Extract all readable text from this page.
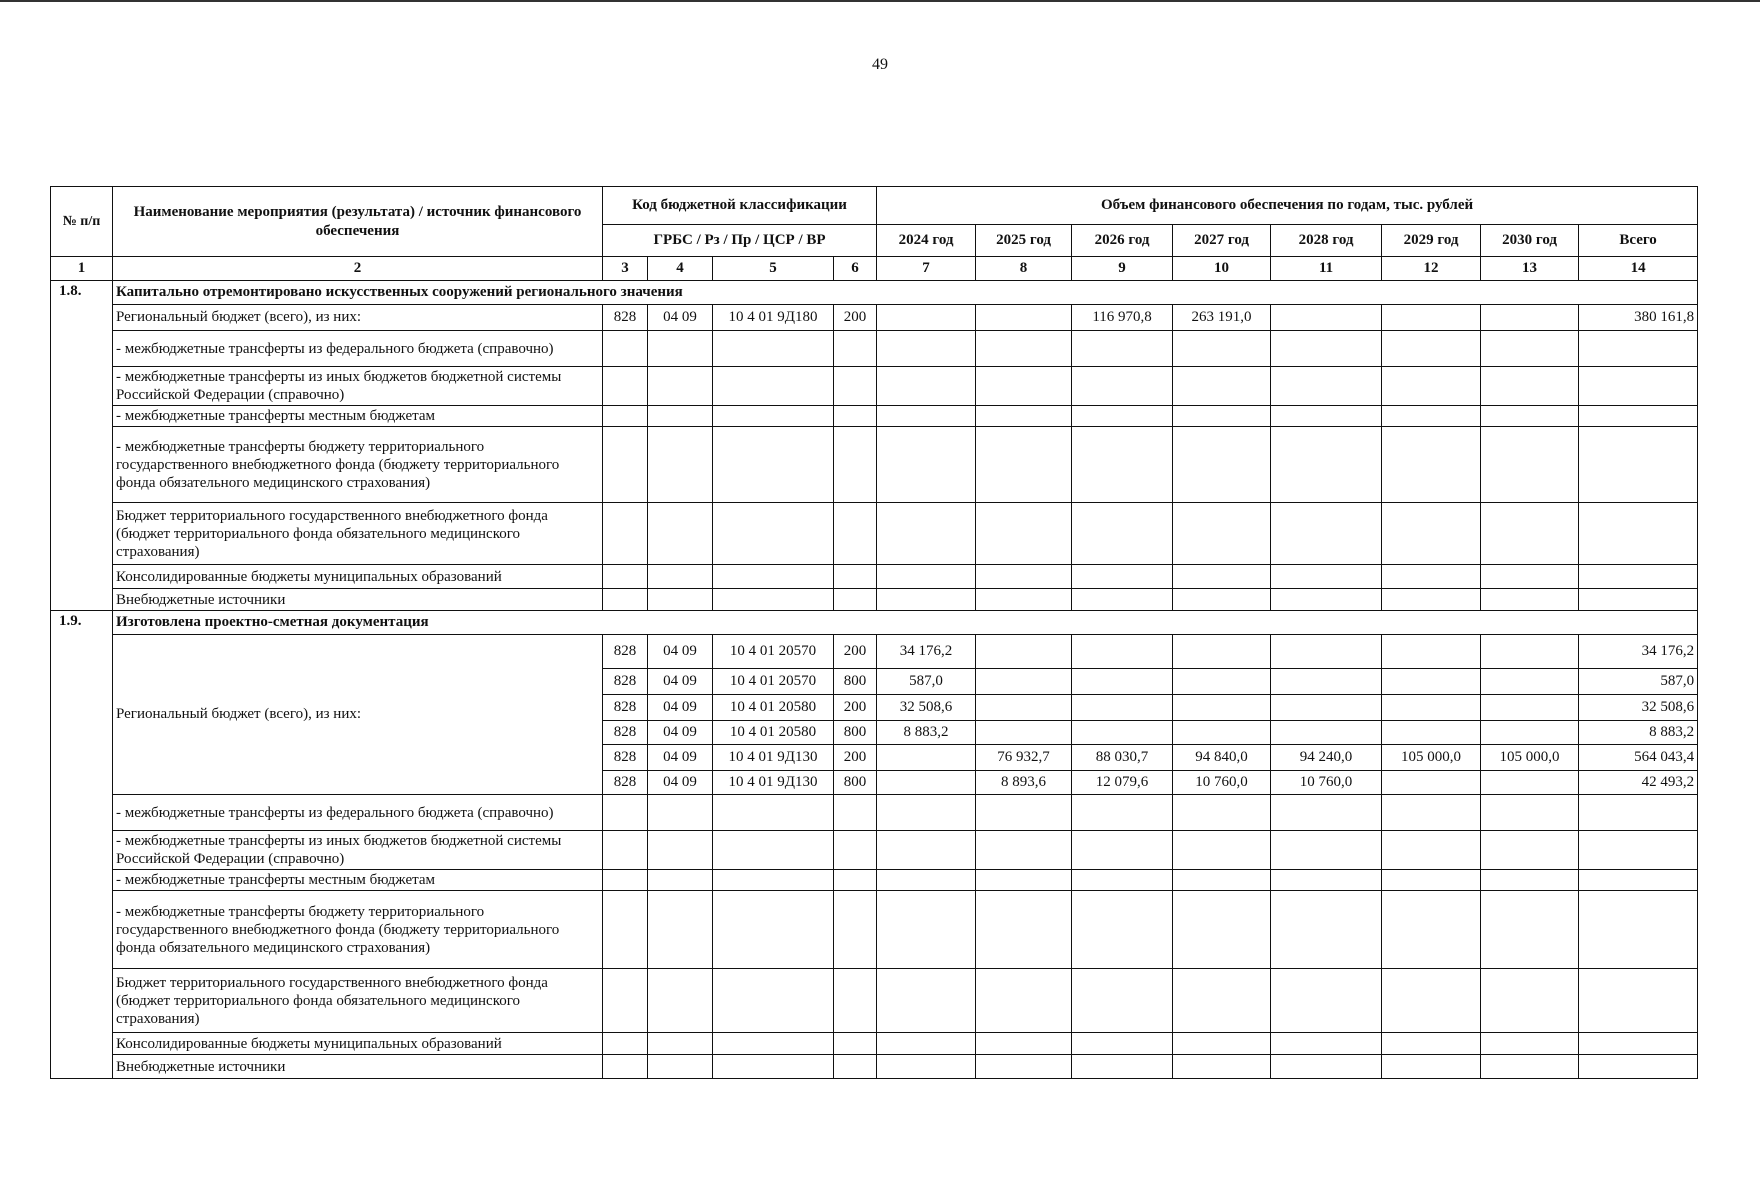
49
№ п/п	Наименование мероприятия (результата) / источник финансового обеспечения	Код бюджетной классификации				Объем финансового обеспечения по годам, тыс. рублей							
		ГРБС / Рз / Пр / ЦСР / ВР				2024 год	2025 год	2026 год	2027 год	2028 год	2029 год	2030 год	Всего
1	2	3	4	5	6	7	8	9	10	11	12	13	14
1.8.	Капитально отремонтировано искусственных сооружений регионального значения												
	Региональный бюджет (всего), из них:	828	04 09	10 4 01 9Д180	200			116 970,8	263 191,0				380 161,8
	- межбюджетные трансферты из федерального бюджета (справочно)												
	- межбюджетные трансферты из иных бюджетов бюджетной системы Российской Федерации (справочно)												
	- межбюджетные трансферты местным бюджетам												
	- межбюджетные трансферты бюджету территориального государственного внебюджетного фонда (бюджету территориального фонда обязательного медицинского страхования)												
	Бюджет территориального государственного внебюджетного фонда (бюджет территориального фонда обязательного медицинского страхования)												
	Консолидированные бюджеты муниципальных образований												
	Внебюджетные источники												
1.9.	Изготовлена проектно-сметная документация												
	Региональный бюджет (всего), из них:	828	04 09	10 4 01 20570	200	34 176,2							34 176,2
		828	04 09	10 4 01 20570	800	587,0							587,0
		828	04 09	10 4 01 20580	200	32 508,6							32 508,6
		828	04 09	10 4 01 20580	800	8 883,2							8 883,2
		828	04 09	10 4 01 9Д130	200		76 932,7	88 030,7	94 840,0	94 240,0	105 000,0	105 000,0	564 043,4
		828	04 09	10 4 01 9Д130	800		8 893,6	12 079,6	10 760,0	10 760,0			42 493,2
	- межбюджетные трансферты из федерального бюджета (справочно)												
	- межбюджетные трансферты из иных бюджетов бюджетной системы Российской Федерации (справочно)												
	- межбюджетные трансферты местным бюджетам												
	- межбюджетные трансферты бюджету территориального государственного внебюджетного фонда (бюджету территориального фонда обязательного медицинского страхования)												
	Бюджет территориального государственного внебюджетного фонда (бюджет территориального фонда обязательного медицинского страхования)												
	Консолидированные бюджеты муниципальных образований												
	Внебюджетные источники												
